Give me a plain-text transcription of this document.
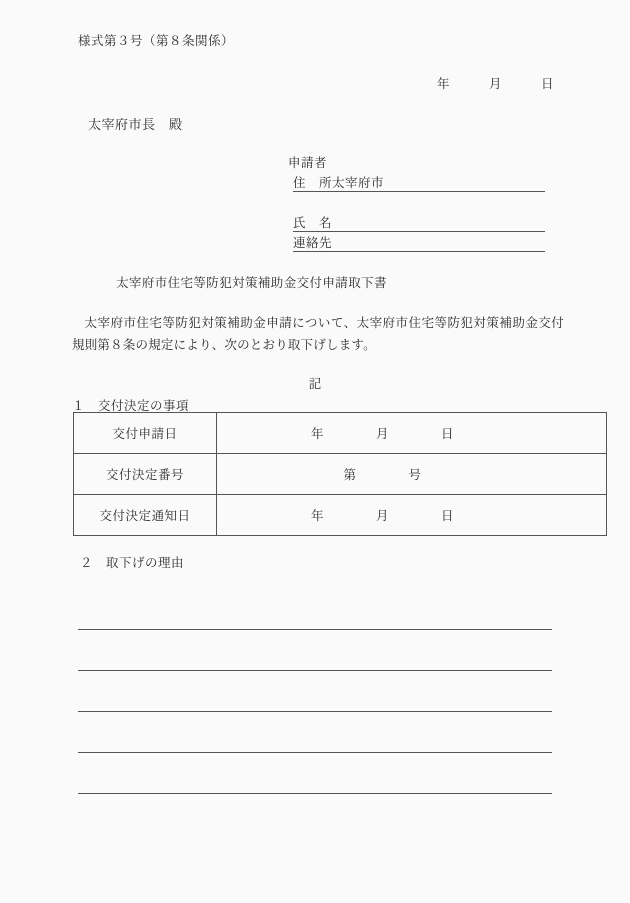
様式第３号（第８条関係）
年　　　月　　　日
太宰府市長　殿
申請者
住　所太宰府市
氏　名
連絡先
太宰府市住宅等防犯対策補助金交付申請取下書
太宰府市住宅等防犯対策補助金申請について、太宰府市住宅等防犯対策補助金交付規則第８条の規定により、次のとおり取下げします。
記
１　交付決定の事項
交付申請日	年　　　　月　　　　日
交付決定番号	第　　　　号
交付決定通知日	年　　　　月　　　　日
２　取下げの理由
